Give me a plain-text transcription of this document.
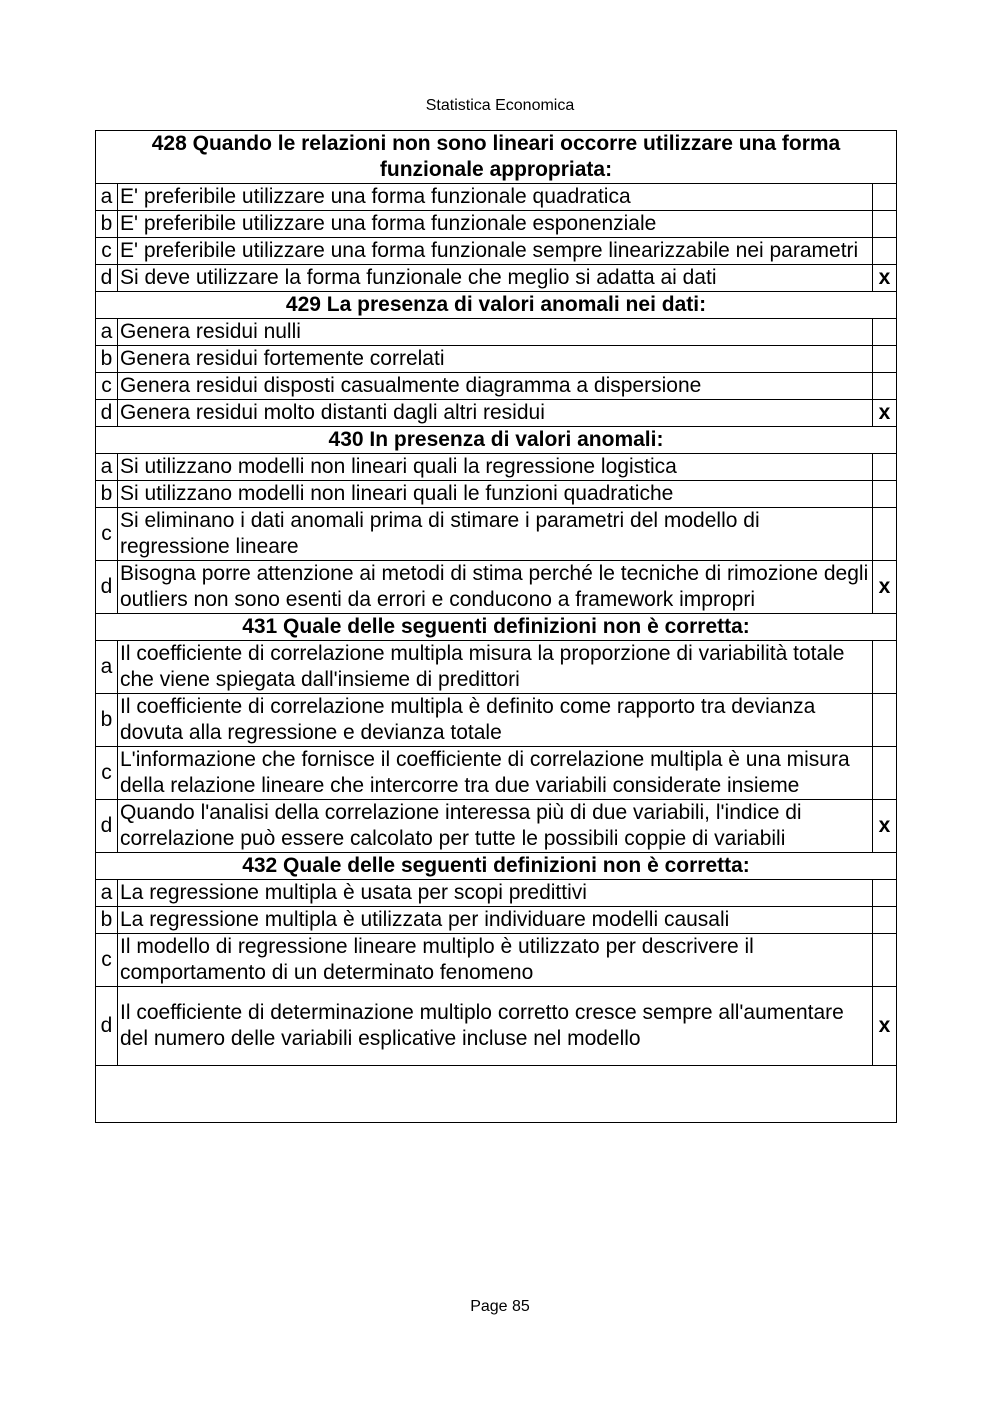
Statistica Economica
428 Quando le relazioni non sono lineari occorre utilizzare una forma funzionale appropriata:		
a	E' preferibile utilizzare una forma funzionale quadratica	
b	E' preferibile utilizzare una forma funzionale esponenziale	
c	E' preferibile utilizzare una forma funzionale sempre linearizzabile nei parametri	
d	Si deve utilizzare la forma funzionale che meglio si adatta ai dati	x
429 La presenza di valori anomali nei dati:		
a	Genera residui nulli	
b	Genera residui fortemente correlati	
c	Genera residui disposti casualmente diagramma a dispersione	
d	Genera residui molto distanti dagli altri residui	x
430 In presenza di valori anomali:		
a	Si utilizzano modelli non lineari quali la regressione logistica	
b	Si utilizzano modelli non lineari quali le funzioni quadratiche	
c	Si eliminano i dati anomali prima di stimare i parametri del modello di regressione lineare	
d	Bisogna porre attenzione ai metodi di stima perché le tecniche di rimozione degli outliers non sono esenti da errori e conducono a framework impropri	x
431 Quale delle seguenti definizioni non è corretta:		
a	Il coefficiente di correlazione multipla misura la proporzione di variabilità totale che viene spiegata dall'insieme di predittori	
b	Il coefficiente di correlazione multipla è definito come rapporto tra devianza dovuta alla regressione e devianza totale	
c	L'informazione che fornisce il coefficiente di correlazione multipla è una misura della relazione lineare che intercorre tra due variabili considerate insieme	
d	Quando l'analisi della correlazione interessa più di due variabili, l'indice di correlazione può essere calcolato per tutte le possibili coppie di variabili	x
432 Quale delle seguenti definizioni non è corretta:		
a	La regressione multipla è usata per scopi predittivi	
b	La regressione multipla è utilizzata per individuare modelli causali	
c	Il modello di regressione lineare multiplo è utilizzato per descrivere il comportamento di un determinato fenomeno	
d	Il coefficiente di determinazione multiplo corretto cresce sempre all'aumentare del numero delle variabili esplicative incluse nel modello	x

Page 85
